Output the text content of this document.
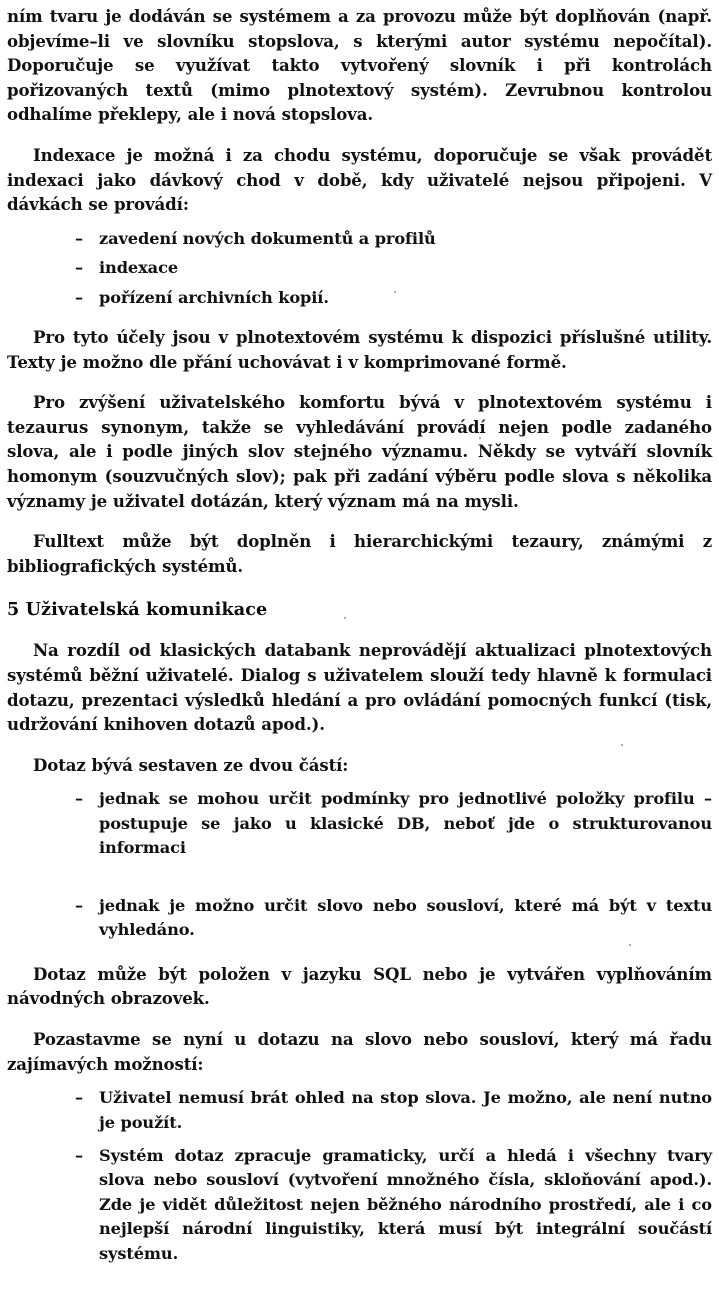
ním tvaru je dodáván se systémem a za provozu může být doplňován (např. objevíme–li ve slovníku stopslova, s kterými autor systému nepočítal). Doporučuje se využívat takto vytvořený slovník i při kontrolách pořizovaných textů (mimo plnotextový systém). Zevrubnou kontrolou odhalíme překlepy, ale i nová stopslova.

Indexace je možná i za chodu systému, doporučuje se však provádět indexaci jako dávkový chod v době, kdy uživatelé nejsou připojeni. V dávkách se provádí:

– zavedení nových dokumentů a profilů
– indexace
– pořízení archivních kopií.

Pro tyto účely jsou v plnotextovém systému k dispozici příslušné utility. Texty je možno dle přání uchovávat i v komprimované formě.

Pro zvýšení uživatelského komfortu bývá v plnotextovém systému i tezaurus synonym, takže se vyhledávání provádí nejen podle zadaného slova, ale i podle jiných slov stejného významu. Někdy se vytváří slovník homonym (souzvučných slov); pak při zadání výběru podle slova s několika významy je uživatel dotázán, který význam má na mysli.

Fulltext může být doplněn i hierarchickými tezaury, známými z bibliografických systémů.

5 Uživatelská komunikace

Na rozdíl od klasických databank neprovádějí aktualizaci plnotextových systémů běžní uživatelé. Dialog s uživatelem slouží tedy hlavně k formulaci dotazu, prezentaci výsledků hledání a pro ovládání pomocných funkcí (tisk, udržování knihoven dotazů apod.).

Dotaz bývá sestaven ze dvou částí:

– jednak se mohou určit podmínky pro jednotlivé položky profilu – postupuje se jako u klasické DB, neboť jde o strukturovanou informaci
– jednak je možno určit slovo nebo sousloví, které má být v textu vyhledáno.

Dotaz může být položen v jazyku SQL nebo je vytvářen vyplňováním návodných obrazovek.

Pozastavme se nyní u dotazu na slovo nebo sousloví, který má řadu zajímavých možností:

– Uživatel nemusí brát ohled na stop slova. Je možno, ale není nutno je použít.
– Systém dotaz zpracuje gramaticky, určí a hledá i všechny tvary slova nebo sousloví (vytvoření množného čísla, skloňování apod.). Zde je vidět důležitost nejen běžného národního prostředí, ale i co nejlepší národní linguistiky, která musí být integrální součástí systému.
